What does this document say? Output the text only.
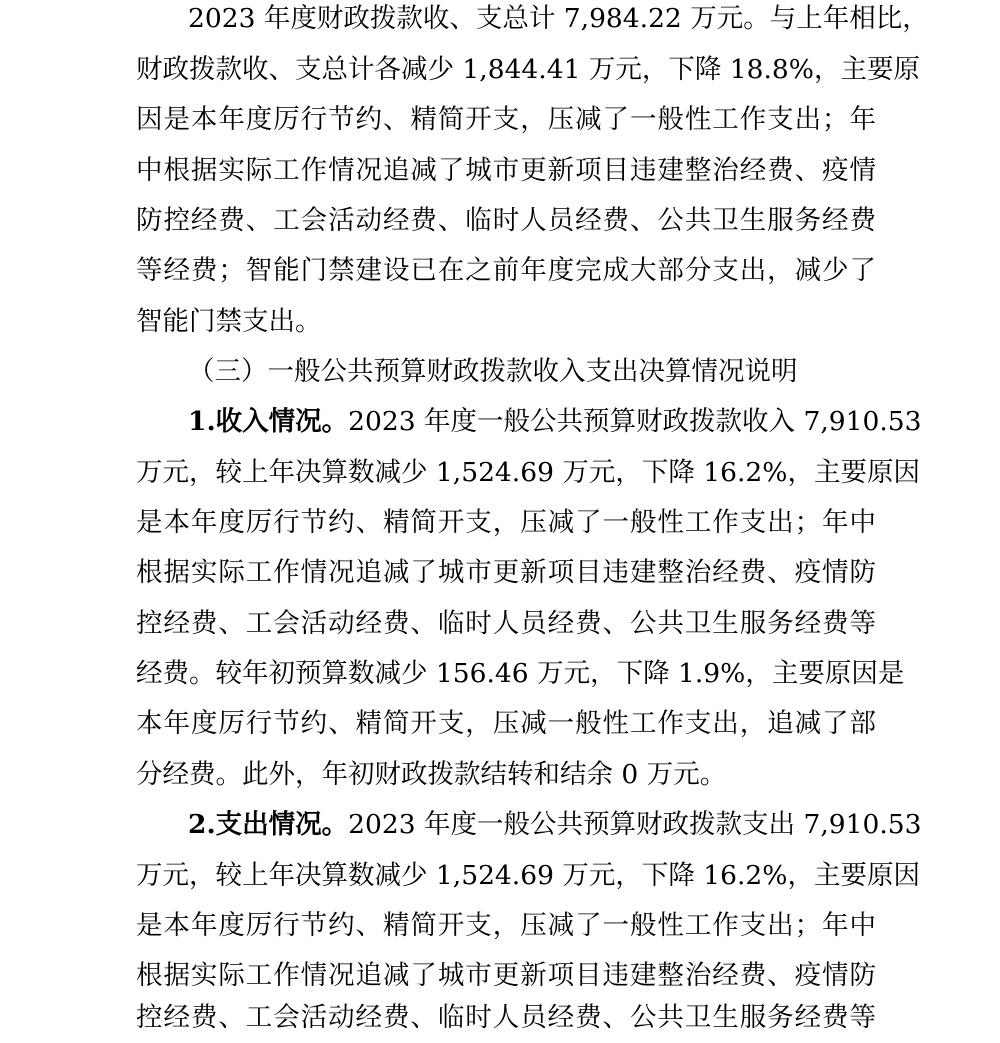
2023 年度财政拨款收、支总计 7,984.22 万元。与上年相比，
财政拨款收、支总计各减少 1,844.41 万元，下降 18.8%，主要原
因是本年度厉行节约、精简开支，压减了一般性工作支出；年
中根据实际工作情况追减了城市更新项目违建整治经费、疫情
防控经费、工会活动经费、临时人员经费、公共卫生服务经费
等经费；智能门禁建设已在之前年度完成大部分支出，减少了
智能门禁支出。
（三）一般公共预算财政拨款收入支出决算情况说明
1.收入情况。2023 年度一般公共预算财政拨款收入 7,910.53
万元，较上年决算数减少 1,524.69 万元，下降 16.2%，主要原因
是本年度厉行节约、精简开支，压减了一般性工作支出；年中
根据实际工作情况追减了城市更新项目违建整治经费、疫情防
控经费、工会活动经费、临时人员经费、公共卫生服务经费等
经费。较年初预算数减少 156.46 万元，下降 1.9%，主要原因是
本年度厉行节约、精简开支，压减一般性工作支出，追减了部
分经费。此外，年初财政拨款结转和结余 0 万元。
2.支出情况。2023 年度一般公共预算财政拨款支出 7,910.53
万元，较上年决算数减少 1,524.69 万元，下降 16.2%，主要原因
是本年度厉行节约、精简开支，压减了一般性工作支出；年中
根据实际工作情况追减了城市更新项目违建整治经费、疫情防
控经费、工会活动经费、临时人员经费、公共卫生服务经费等
